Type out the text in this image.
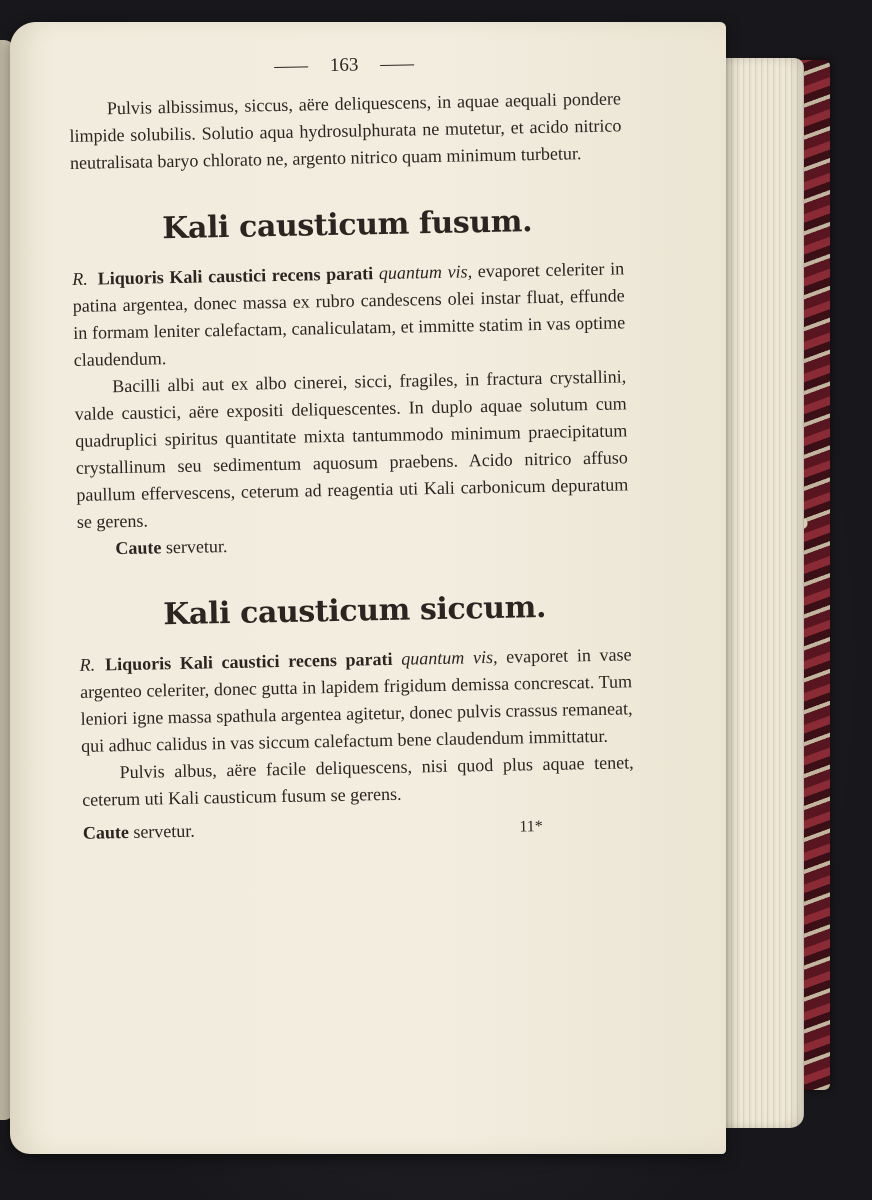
163

Pulvis albissimus, siccus, aëre deliquescens, in aquae aequali pondere limpide solubilis. Solutio aqua hydrosulphurata ne mutetur, et acido nitrico neutralisata baryo chlorato ne, argento nitrico quam minimum turbetur.

Kali causticum fusum.

R. Liquoris Kali caustici recens parati quantum vis, evaporet celeriter in patina argentea, donec massa ex rubro candescens olei instar fluat, effunde in formam leniter calefactam, canaliculatam, et immitte statim in vas optime claudendum.

Bacilli albi aut ex albo cinerei, sicci, fragiles, in fractura crystallini, valde caustici, aëre expositi deliquescentes. In duplo aquae solutum cum quadruplici spiritus quantitate mixta tantummodo minimum praecipitatum crystallinum seu sedimentum aquosum praebens. Acido nitrico affuso paullum effervescens, ceterum ad reagentia uti Kali carbonicum depuratum se gerens.

Caute servetur.

Kali causticum siccum.

R. Liquoris Kali caustici recens parati quantum vis, evaporet in vase argenteo celeriter, donec gutta in lapidem frigidum demissa concrescat. Tum leniori igne massa spathula argentea agitetur, donec pulvis crassus remaneat, qui adhuc calidus in vas siccum calefactum bene claudendum immittatur.

Pulvis albus, aëre facile deliquescens, nisi quod plus aquae tenet, ceterum uti Kali causticum fusum se gerens.

Caute servetur.	11*
